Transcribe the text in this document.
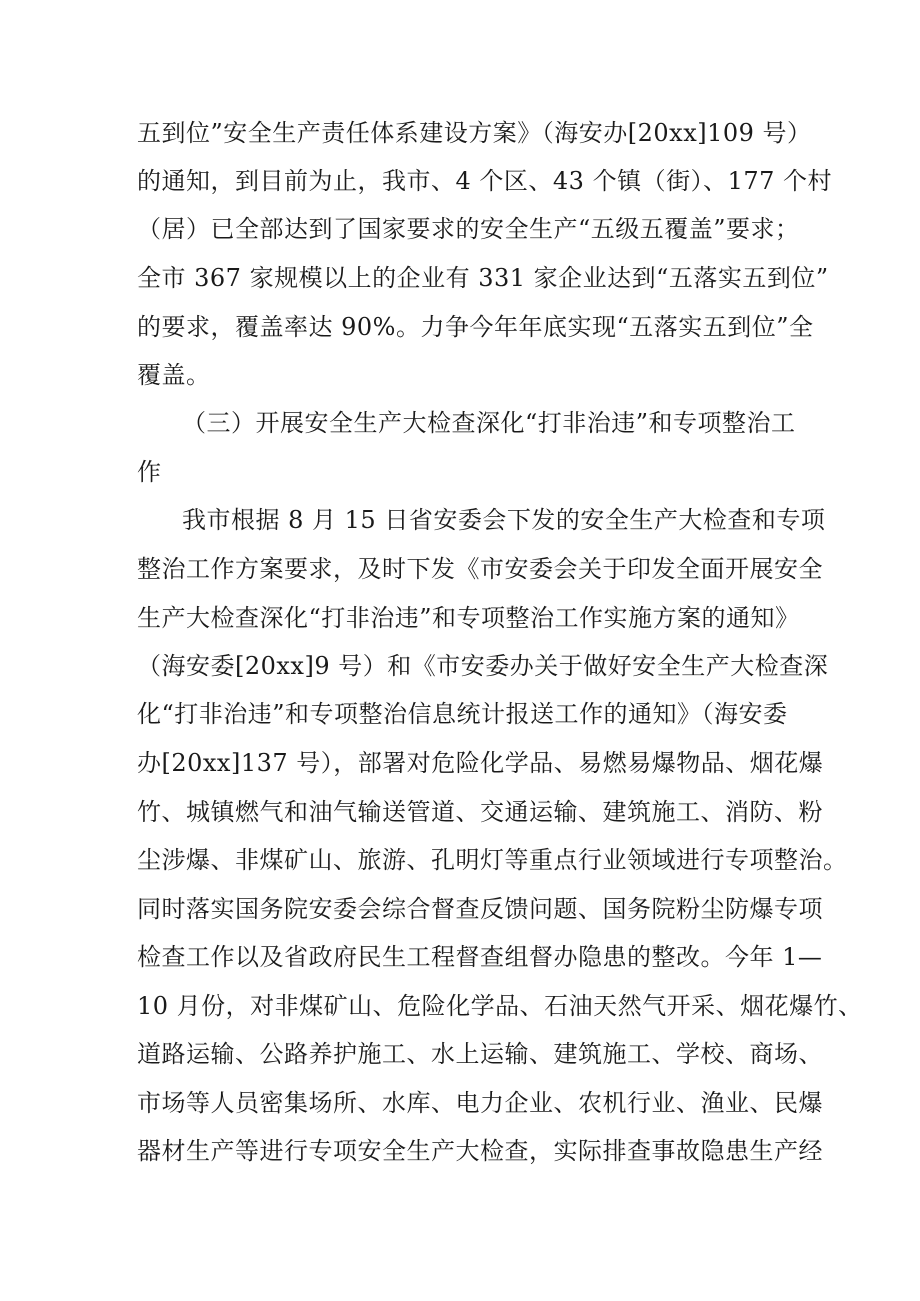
五到位”安全生产责任体系建设方案》（海安办[20xx]109 号）
的通知，到目前为止，我市、4 个区、43 个镇（街）、177 个村
（居）已全部达到了国家要求的安全生产“五级五覆盖”要求；
全市 367 家规模以上的企业有 331 家企业达到“五落实五到位”
的要求，覆盖率达 90%。力争今年年底实现“五落实五到位”全
覆盖。
（三）开展安全生产大检查深化“打非治违”和专项整治工
作
我市根据 8 月 15 日省安委会下发的安全生产大检查和专项
整治工作方案要求，及时下发《市安委会关于印发全面开展安全
生产大检查深化“打非治违”和专项整治工作实施方案的通知》
（海安委[20xx]9 号）和《市安委办关于做好安全生产大检查深
化“打非治违”和专项整治信息统计报送工作的通知》（海安委
办[20xx]137 号），部署对危险化学品、易燃易爆物品、烟花爆
竹、城镇燃气和油气输送管道、交通运输、建筑施工、消防、粉
尘涉爆、非煤矿山、旅游、孔明灯等重点行业领域进行专项整治。
同时落实国务院安委会综合督查反馈问题、国务院粉尘防爆专项
检查工作以及省政府民生工程督查组督办隐患的整改。今年 1—
10 月份，对非煤矿山、危险化学品、石油天然气开采、烟花爆竹、
道路运输、公路养护施工、水上运输、建筑施工、学校、商场、
市场等人员密集场所、水库、电力企业、农机行业、渔业、民爆
器材生产等进行专项安全生产大检查，实际排查事故隐患生产经
